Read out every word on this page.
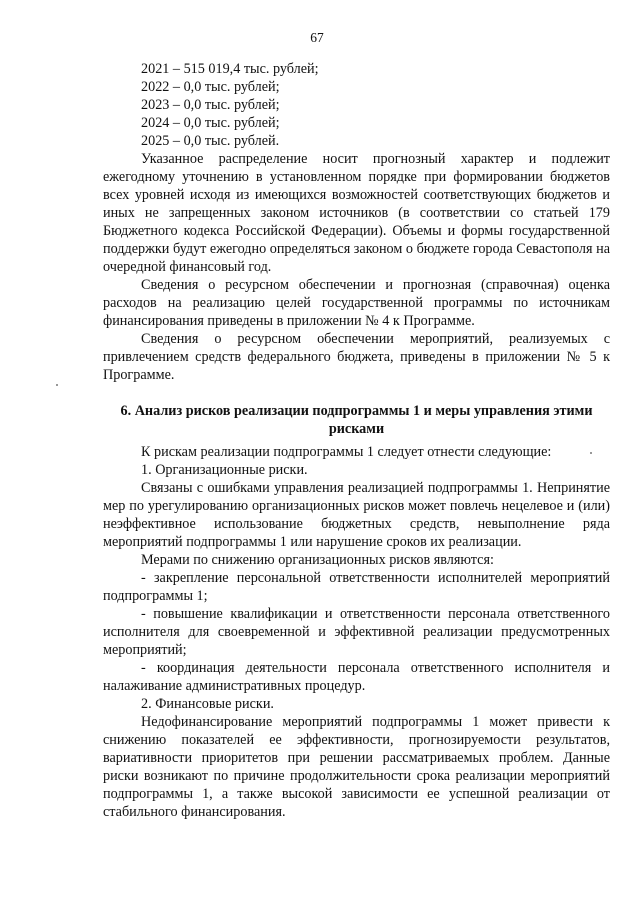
67

2021 – 515 019,4 тыс. рублей;

2022 – 0,0 тыс. рублей;

2023 – 0,0 тыс. рублей;

2024 – 0,0 тыс. рублей;

2025 – 0,0 тыс. рублей.

Указанное распределение носит прогнозный характер и подлежит ежегодному уточнению в установленном порядке при формировании бюджетов всех уровней исходя из имеющихся возможностей соответствующих бюджетов и иных не запрещенных законом источников (в соответствии со статьей 179 Бюджетного кодекса Российской Федерации). Объемы и формы государственной поддержки будут ежегодно определяться законом о бюджете города Севастополя на очередной финансовый год.

Сведения о ресурсном обеспечении и прогнозная (справочная) оценка расходов на реализацию целей государственной программы по источникам финансирования приведены в приложении № 4 к Программе.

Сведения о ресурсном обеспечении мероприятий, реализуемых с привлечением средств федерального бюджета, приведены в приложении № 5 к Программе.

6. Анализ рисков реализации подпрограммы 1 и меры управления этими рисками

К рискам реализации подпрограммы 1 следует отнести следующие:

1. Организационные риски.

Связаны с ошибками управления реализацией подпрограммы 1. Непринятие мер по урегулированию организационных рисков может повлечь нецелевое и (или) неэффективное использование бюджетных средств, невыполнение ряда мероприятий подпрограммы 1 или нарушение сроков их реализации.

Мерами по снижению организационных рисков являются:

- закрепление персональной ответственности исполнителей мероприятий подпрограммы 1;

- повышение квалификации и ответственности персонала ответственного исполнителя для своевременной и эффективной реализации предусмотренных мероприятий;

- координация деятельности персонала ответственного исполнителя и налаживание административных процедур.

2. Финансовые риски.

Недофинансирование мероприятий подпрограммы 1 может привести к снижению показателей ее эффективности, прогнозируемости результатов, вариативности приоритетов при решении рассматриваемых проблем. Данные риски возникают по причине продолжительности срока реализации мероприятий подпрограммы 1, а также высокой зависимости ее успешной реализации от стабильного финансирования.
